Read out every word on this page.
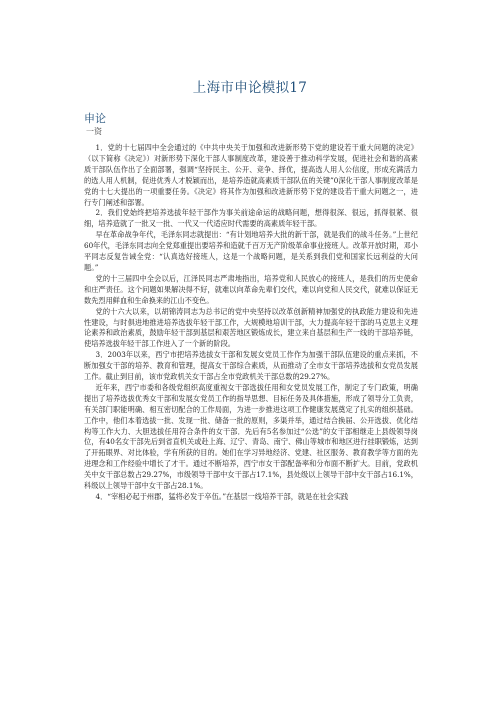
上海市申论模拟17
申论
一资

1．党的十七届四中全会通过的《中共中央关于加强和改进新形势下党的建设若干重大问题的决定》（以下简称《决定》）对新形势下深化干部人事制度改革，建设善于推动科学发展，促进社会和谐的高素质干部队伍作出了全面部署，强调“坚持民主、公开、竞争、择优，提高选人用人公信度，形成充满活力的选人用人机制，促进优秀人才脱颖而出，是培养造就高素质干部队伍的关键”0深化干部人事制度改革是党的十七大提出的一项重要任务。《决定》将其作为加强和改进新形势下党的建设若干重大问题之一，进行专门阐述和部署。

2．我们党始终把培养选拔年轻干部作为事关前途命运的战略问题，想得很深、很远，抓得很紧、很细，培养造就了一批又一批、一代又一代适应时代需要的高素质年轻干部。

早在革命战争年代，毛泽东同志就提出：“有计划地培养大批的新干部，就是我们的战斗任务。”上世纪60年代，毛泽东同志向全党郑重提出要培养和造就千百万无产阶级革命事业接班人。改革开放时期，邓小平同志反复告诫全党：“认真选好接班人，这是一个战略问题，是关系到我们党和国家长远利益的大问题。”

党的十三届四中全会以后，江泽民同志严肃地指出，培养党和人民放心的接班人，是我们的历史使命和庄严责任。这个问题如果解决得不好，就难以向革命先辈们交代，难以向党和人民交代，就难以保证无数先烈用鲜血和生命换来的江山不变色。

党的十六大以来，以胡锦涛同志为总书记的党中央坚持以改革创新精神加强党的执政能力建设和先进性建设，与时俱进地推进培养选拔年轻干部工作，大规模地培训干部，大力提高年轻干部的马克思主义理论素养和政治素质，鼓励年轻干部到基层和艰苦地区锻炼成长，建立来自基层和生产一线的干部培养链，使培养选拔年轻干部工作进入了一个新的阶段。

3．2003年以来，西宁市把培养选拔女干部和发展女党员工作作为加强干部队伍建设的重点来抓，不断加强女干部的培养、教育和管理，提高女干部综合素质，从而推动了全市女干部培养选拔和女党员发展工作。截止到目前，该市党政机关女干部占全市党政机关干部总数的29.27%。

近年来，西宁市委和各级党组织高度重视女干部选拔任用和女党员发展工作，制定了专门政策，明确提出了培养选拔优秀女干部和发展女党员工作的指导思想、目标任务及具体措施，形成了领导分工负责，有关部门职能明确、相互密切配合的工作局面，为进一步推进这项工作健康发展奠定了扎实的组织基础。工作中，他们本着选拔一批、发现一批、储备一批的原则，多渠并举，通过结合换届、公开选拔、优化结构等工作大力、大胆选拔任用符合条件的女干部．先后有5名参加过“公选”的女干部相继走上县级领导岗位，有40名女干部先后到省直机关或赴上海、辽宁、青岛、南宁、佛山等城市和地区进行挂职锻炼，达到了开拓眼界、对比体验，学有所获的目的。她们在学习异地经济、党建、社区服务、教育教学等方面的先进理念和工作经验中增长了才干。通过不断培养，西宁市女干部配备率和分布面不断扩大。目前，党政机关中女干部总数占29.27%，市级领导干部中女干部占17.1%，县处级以上领导干部中女干部占16.1%，科级以上领导干部中女干部占28.1%。

4．“宰相必起于州郡，猛将必发于卒伍。”在基层一线培养干部，就是在社会实践
